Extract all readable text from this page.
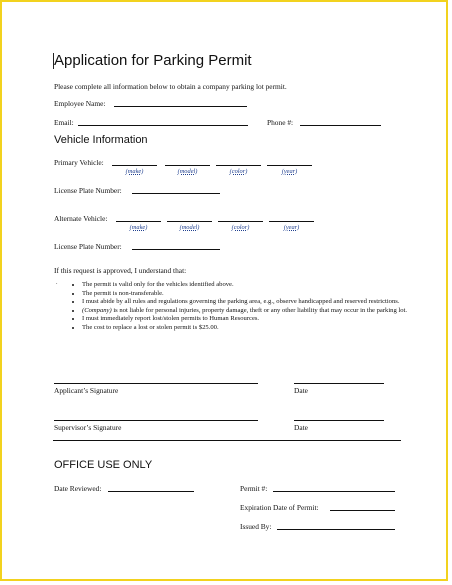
Application for Parking Permit
Please complete all information below to obtain a company parking lot permit.
Employee Name:
Email:	Phone #:
Vehicle Information
Primary Vehicle:
(make)	(model)	(color)	(year)
License Plate Number:
Alternate Vehicle:
(make)	(model)	(color)	(year)
License Plate Number:
If this request is approved, I understand that:
.
•	The permit is valid only for the vehicles identified above.
• The permit is non-transferable.
• I must abide by all rules and regulations governing the parking area, e.g., observe handicapped and reserved restrictions.
• (Company) is not liable for personal injuries, property damage, theft or any other liability that may occur in the parking lot.
• I must immediately report lost/stolen permits to Human Resources.
• The cost to replace a lost or stolen permit is $25.00.
Applicant’s Signature	Date
Supervisor’s Signature	Date
OFFICE USE ONLY
Date Reviewed:	Permit #:
Expiration Date of Permit:
Issued By:
